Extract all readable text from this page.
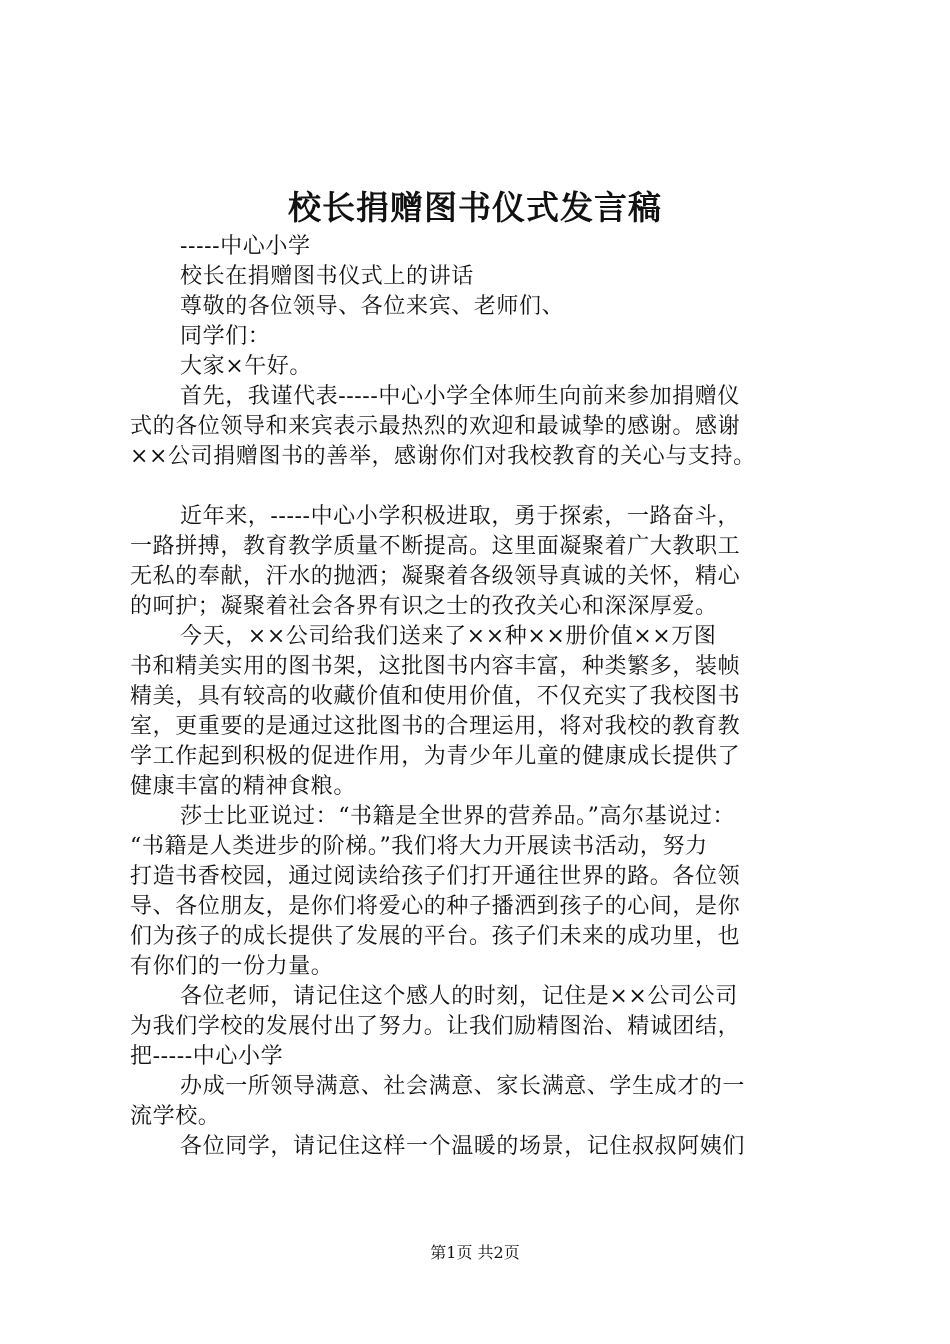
校长捐赠图书仪式发言稿
-----中心小学
校长在捐赠图书仪式上的讲话
尊敬的各位领导、各位来宾、老师们、
同学们：
大家×午好。
首先，我谨代表-----中心小学全体师生向前来参加捐赠仪
式的各位领导和来宾表示最热烈的欢迎和最诚挚的感谢。感谢
××公司捐赠图书的善举，感谢你们对我校教育的关心与支持。
近年来，-----中心小学积极进取，勇于探索，一路奋斗，
一路拼搏，教育教学质量不断提高。这里面凝聚着广大教职工
无私的奉献，汗水的抛洒；凝聚着各级领导真诚的关怀，精心
的呵护；凝聚着社会各界有识之士的孜孜关心和深深厚爱。
今天，××公司给我们送来了××种××册价值××万图
书和精美实用的图书架，这批图书内容丰富，种类繁多，装帧
精美，具有较高的收藏价值和使用价值，不仅充实了我校图书
室，更重要的是通过这批图书的合理运用，将对我校的教育教
学工作起到积极的促进作用，为青少年儿童的健康成长提供了
健康丰富的精神食粮。
莎士比亚说过：“书籍是全世界的营养品。”高尔基说过：
“书籍是人类进步的阶梯。”我们将大力开展读书活动，努力
打造书香校园，通过阅读给孩子们打开通往世界的路。各位领
导、各位朋友，是你们将爱心的种子播洒到孩子的心间，是你
们为孩子的成长提供了发展的平台。孩子们未来的成功里，也
有你们的一份力量。
各位老师，请记住这个感人的时刻，记住是××公司公司
为我们学校的发展付出了努力。让我们励精图治、精诚团结，
把-----中心小学
办成一所领导满意、社会满意、家长满意、学生成才的一
流学校。
各位同学，请记住这样一个温暖的场景，记住叔叔阿姨们
第1页 共2页
